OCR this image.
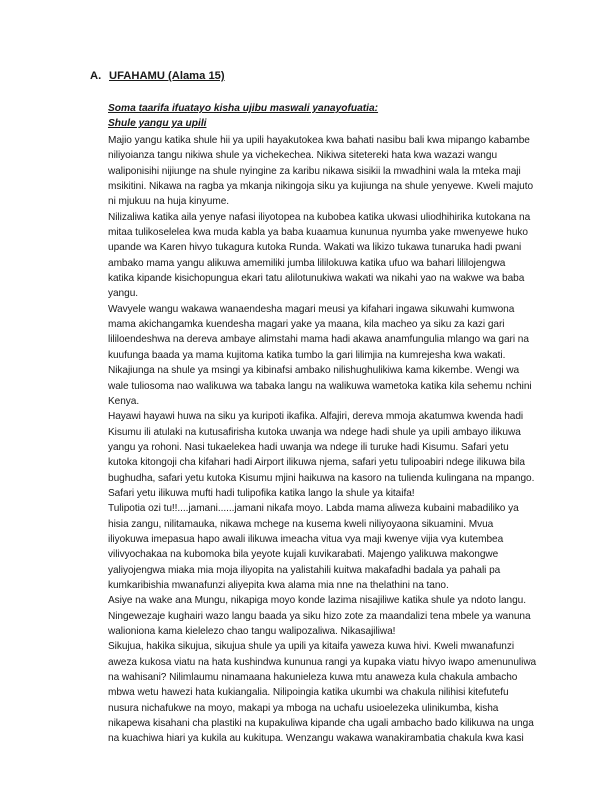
A. UFAHAMU (Alama 15)
Soma taarifa ifuatayo kisha ujibu maswali yanayofuatia:
Shule yangu ya upili
Majio yangu katika shule hii ya upili hayakutokea kwa bahati nasibu bali kwa mipango kabambe
niliyoianza tangu nikiwa shule ya vichekechea. Nikiwa sitetereki hata kwa wazazi wangu
waliponisihi nijiunge na shule nyingine za karibu nikawa sisikii la mwadhini wala la mteka maji
msikitini. Nikawa na ragba ya mkanja nikingoja siku ya kujiunga na shule yenyewe. Kweli majuto
ni mjukuu na huja kinyume.
Nilizaliwa katika aila yenye nafasi iliyotopea na kubobea katika ukwasi uliodhihirika kutokana na
mitaa tulikoselelea kwa muda kabla ya baba kuaamua kununua nyumba yake mwenyewe huko
upande wa Karen hivyo tukagura kutoka Runda. Wakati wa likizo tukawa tunaruka hadi pwani
ambako mama yangu alikuwa amemiliki jumba lililokuwa katika ufuo wa bahari lililojengwa
katika kipande kisichopungua ekari tatu alilotunukiwa wakati wa nikahi yao na wakwe wa baba
yangu.
Wavyele wangu wakawa wanaendesha magari meusi ya kifahari ingawa sikuwahi kumwona
mama akichangamka kuendesha magari yake ya maana, kila macheo ya siku za kazi gari
lililoendeshwa na dereva ambaye alimstahi mama hadi akawa anamfungulia mlango wa gari na
kuufunga baada ya mama kujitoma katika tumbo la gari lilimjia na kumrejesha kwa wakati.
Nikajiunga na shule ya msingi ya kibinafsi ambako nilishughulikiwa kama kikembe. Wengi wa
wale tuliosoma nao walikuwa wa tabaka langu na walikuwa wametoka katika kila sehemu nchini
Kenya.
Hayawi hayawi huwa na siku ya kuripoti ikafika. Alfajiri, dereva mmoja akatumwa kwenda hadi
Kisumu ili atulaki na kutusafirisha kutoka uwanja wa ndege hadi shule ya upili ambayo ilikuwa
yangu ya rohoni. Nasi tukaelekea hadi uwanja wa ndege ili turuke hadi Kisumu. Safari yetu
kutoka kitongoji cha kifahari hadi Airport ilikuwa njema, safari yetu tulipoabiri ndege ilikuwa bila
bughudha, safari yetu kutoka Kisumu mjini haikuwa na kasoro na tulienda kulingana na mpango.
Safari yetu ilikuwa mufti hadi tulipofika katika lango la shule ya kitaifa!
Tulipotia ozi tu!!....jamani......jamani nikafa moyo. Labda mama aliweza kubaini mabadiliko ya
hisia zangu, nilitamauka, nikawa mchege na kusema kweli niliyoyaona sikuamini. Mvua
iliyokuwa imepasua hapo awali ilikuwa imeacha vitua vya maji kwenye vijia vya kutembea
vilivyochakaa na kubomoka bila yeyote kujali kuvikarabati. Majengo yalikuwa makongwe
yaliyojengwa miaka mia moja iliyopita na yalistahili kuitwa makafadhi badala ya pahali pa
kumkaribishia mwanafunzi aliyepita kwa alama mia nne na thelathini na tano.
Asiye na wake ana Mungu, nikapiga moyo konde lazima nisajiliwe katika shule ya ndoto langu.
Ningewezaje kughairi wazo langu baada ya siku hizo zote za maandalizi tena mbele ya wanuna
walioniona kama kielelezo chao tangu walipozaliwa. Nikasajiliwa!
Sikujua, hakika sikujua, sikujua shule ya upili ya kitaifa yaweza kuwa hivi. Kweli mwanafunzi
aweza kukosa viatu na hata kushindwa kununua rangi ya kupaka viatu hivyo iwapo amenunuliwa
na wahisani? Nilimlaumu ninamaana hakunieleza kuwa mtu anaweza kula chakula ambacho
mbwa wetu hawezi hata kukiangalia. Nilipoingia katika ukumbi wa chakula nilihisi kitefutefu
nusura nichafukwe na moyo, makapi ya mboga na uchafu usioelezeka ulinikumba, kisha
nikapewa kisahani cha plastiki na kupakuliwa kipande cha ugali ambacho bado kilikuwa na unga
na kuachiwa hiari ya kukila au kukitupa. Wenzangu wakawa wanakirambatia chakula kwa kasi
